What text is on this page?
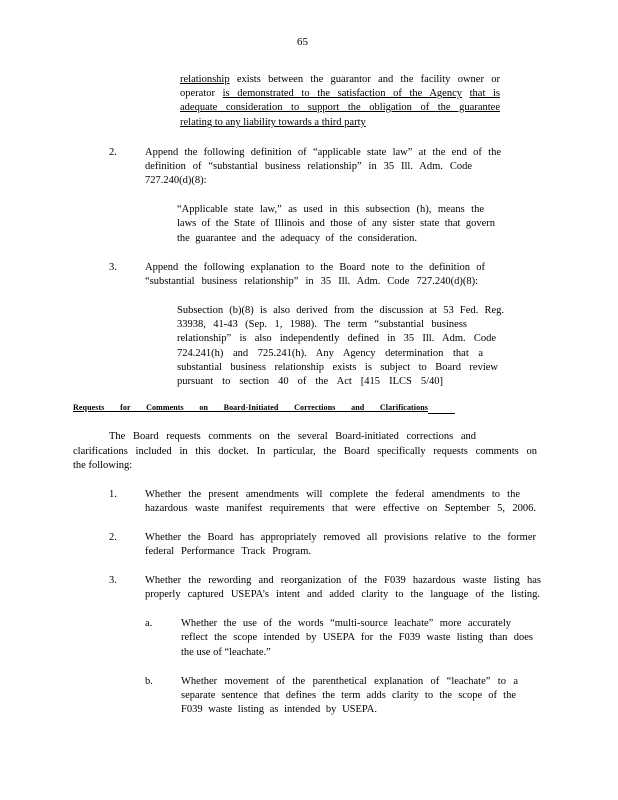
65
relationship exists between the guarantor and the facility owner or
operator is demonstrated to the satisfaction of the Agency that is
adequate consideration to support the obligation of the guarantee
relating to any liability towards a third party
2.	Append the following definition of “applicable state law” at the end of the
definition of “substantial business relationship” in 35 Ill. Adm. Code
727.240(d)(8):
“Applicable state law,” as used in this subsection (h), means the
laws of the State of Illinois and those of any sister state that govern
the guarantee and the adequacy of the consideration.
3.	Append the following explanation to the Board note to the definition of
“substantial business relationship” in 35 Ill. Adm. Code 727.240(d)(8):
Subsection (b)(8) is also derived from the discussion at 53 Fed. Reg.
33938, 41-43 (Sep. 1, 1988). The term “substantial business
relationship” is also independently defined in 35 Ill. Adm. Code
724.241(h) and 725.241(h). Any Agency determination that a
substantial business relationship exists is subject to Board review
pursuant to section 40 of the Act [415 ILCS 5/40]
Requests for Comments on Board-Initiated Corrections and Clarifications
The Board requests comments on the several Board-initiated corrections and
clarifications included in this docket. In particular, the Board specifically requests comments on
the following:
1.	Whether the present amendments will complete the federal amendments to the
hazardous waste manifest requirements that were effective on September 5, 2006.
2.	Whether the Board has appropriately removed all provisions relative to the former
federal Performance Track Program.
3.	Whether the rewording and reorganization of the F039 hazardous waste listing has
properly captured USEPA’s intent and added clarity to the language of the listing.
a.	Whether the use of the words “multi-source leachate” more accurately
reflect the scope intended by USEPA for the F039 waste listing than does
the use of “leachate.”
b.	Whether movement of the parenthetical explanation of “leachate” to a
separate sentence that defines the term adds clarity to the scope of the
F039 waste listing as intended by USEPA.
